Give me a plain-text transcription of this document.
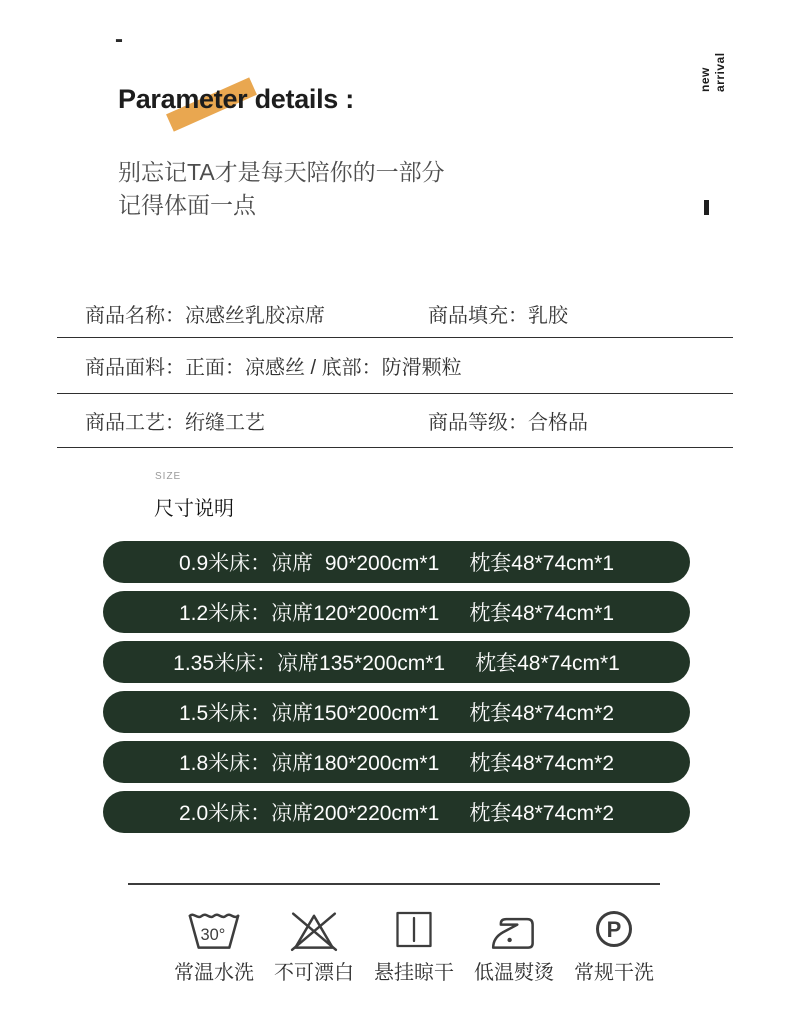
-
new arrival
Parameter details :
别忘记TA才是每天陪你的一部分
记得体面一点
商品名称：凉感丝乳胶凉席	商品填充：乳胶
商品面料：正面：凉感丝 / 底部：防滑颗粒
商品工艺：绗缝工艺	商品等级：合格品
SIZE
尺寸说明
0.9米床：凉席  90*200cm*1 枕套48*74cm*1
1.2米床：凉席120*200cm*1 枕套48*74cm*1
1.35米床：凉席135*200cm*1 枕套48*74cm*1
1.5米床：凉席150*200cm*1 枕套48*74cm*2
1.8米床：凉席180*200cm*1 枕套48*74cm*2
2.0米床：凉席200*220cm*1 枕套48*74cm*2
30°
常温水洗 不可漂白 悬挂晾干 低温熨烫
P
常规干洗
